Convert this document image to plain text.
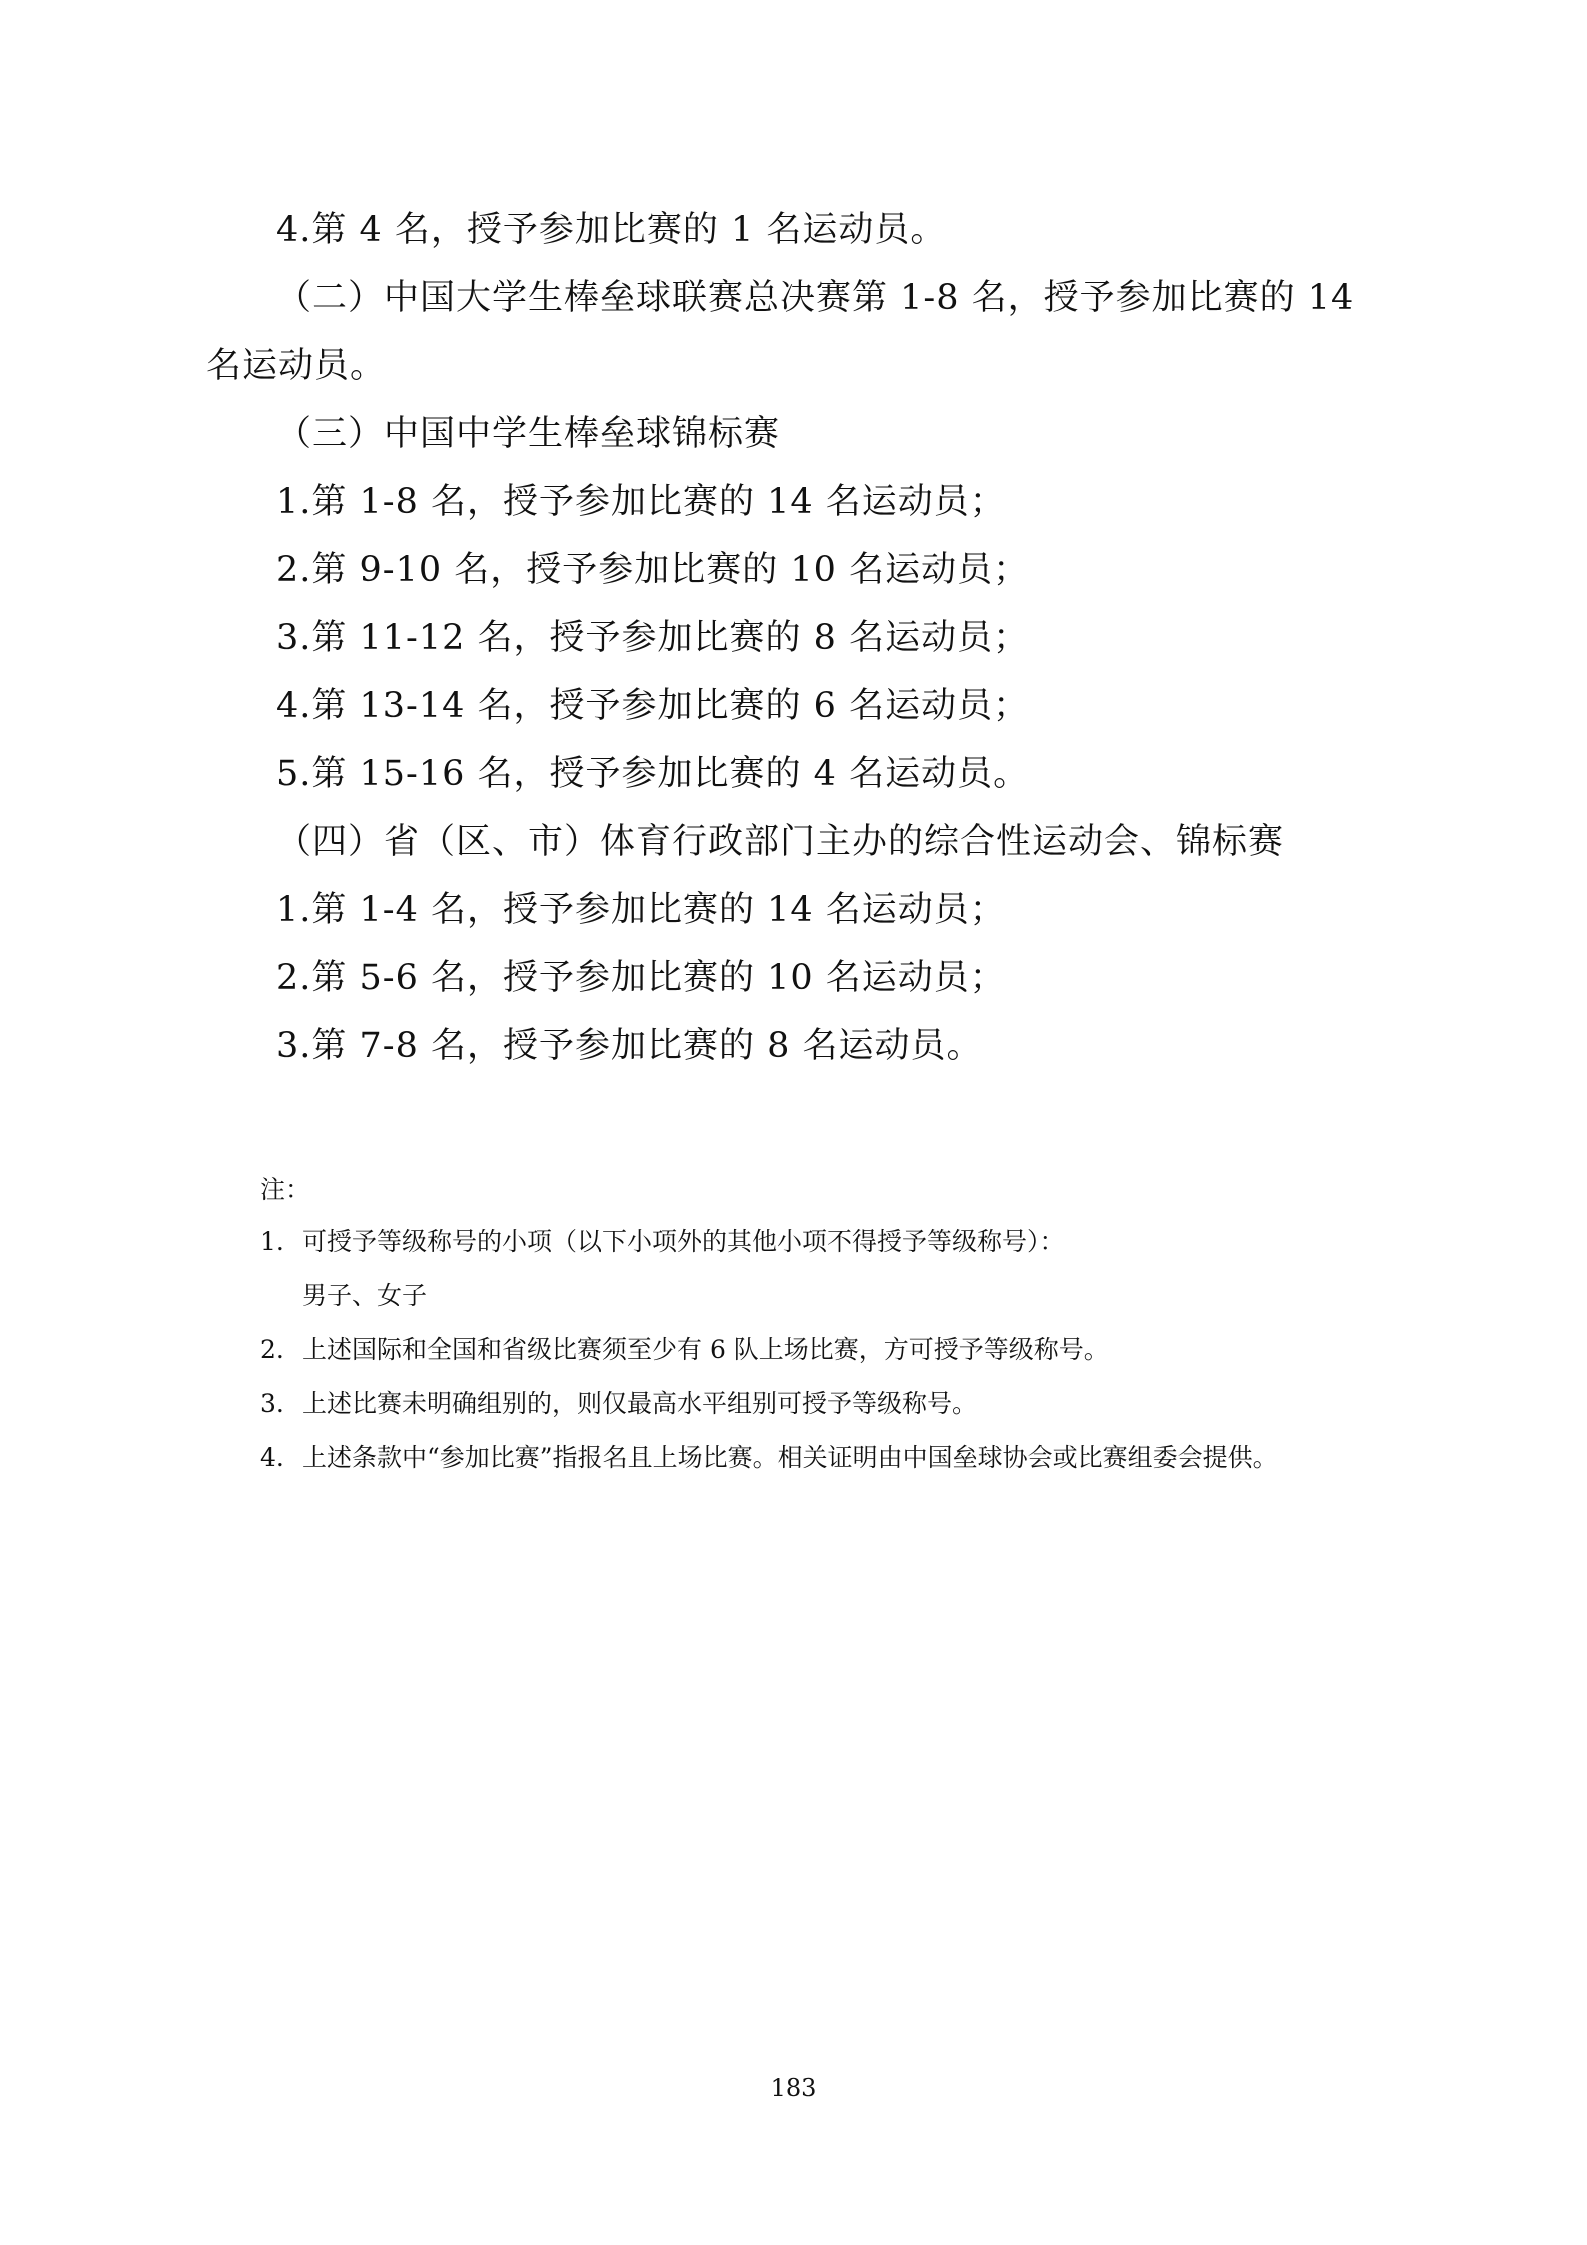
4.第 4 名，授予参加比赛的 1 名运动员。
（二）中国大学生棒垒球联赛总决赛第 1-8 名，授予参加比赛的 14
名运动员。
（三）中国中学生棒垒球锦标赛
1.第 1-8 名，授予参加比赛的 14 名运动员；
2.第 9-10 名，授予参加比赛的 10 名运动员；
3.第 11-12 名，授予参加比赛的 8 名运动员；
4.第 13-14 名，授予参加比赛的 6 名运动员；
5.第 15-16 名，授予参加比赛的 4 名运动员。
（四）省（区、市）体育行政部门主办的综合性运动会、锦标赛
1.第 1-4 名，授予参加比赛的 14 名运动员；
2.第 5-6 名，授予参加比赛的 10 名运动员；
3.第 7-8 名，授予参加比赛的 8 名运动员。
注：
1. 可授予等级称号的小项（以下小项外的其他小项不得授予等级称号）：
男子、女子
2. 上述国际和全国和省级比赛须至少有 6 队上场比赛，方可授予等级称号。
3. 上述比赛未明确组别的，则仅最高水平组别可授予等级称号。
4. 上述条款中“参加比赛”指报名且上场比赛。相关证明由中国垒球协会或比赛组委会提供。
183
